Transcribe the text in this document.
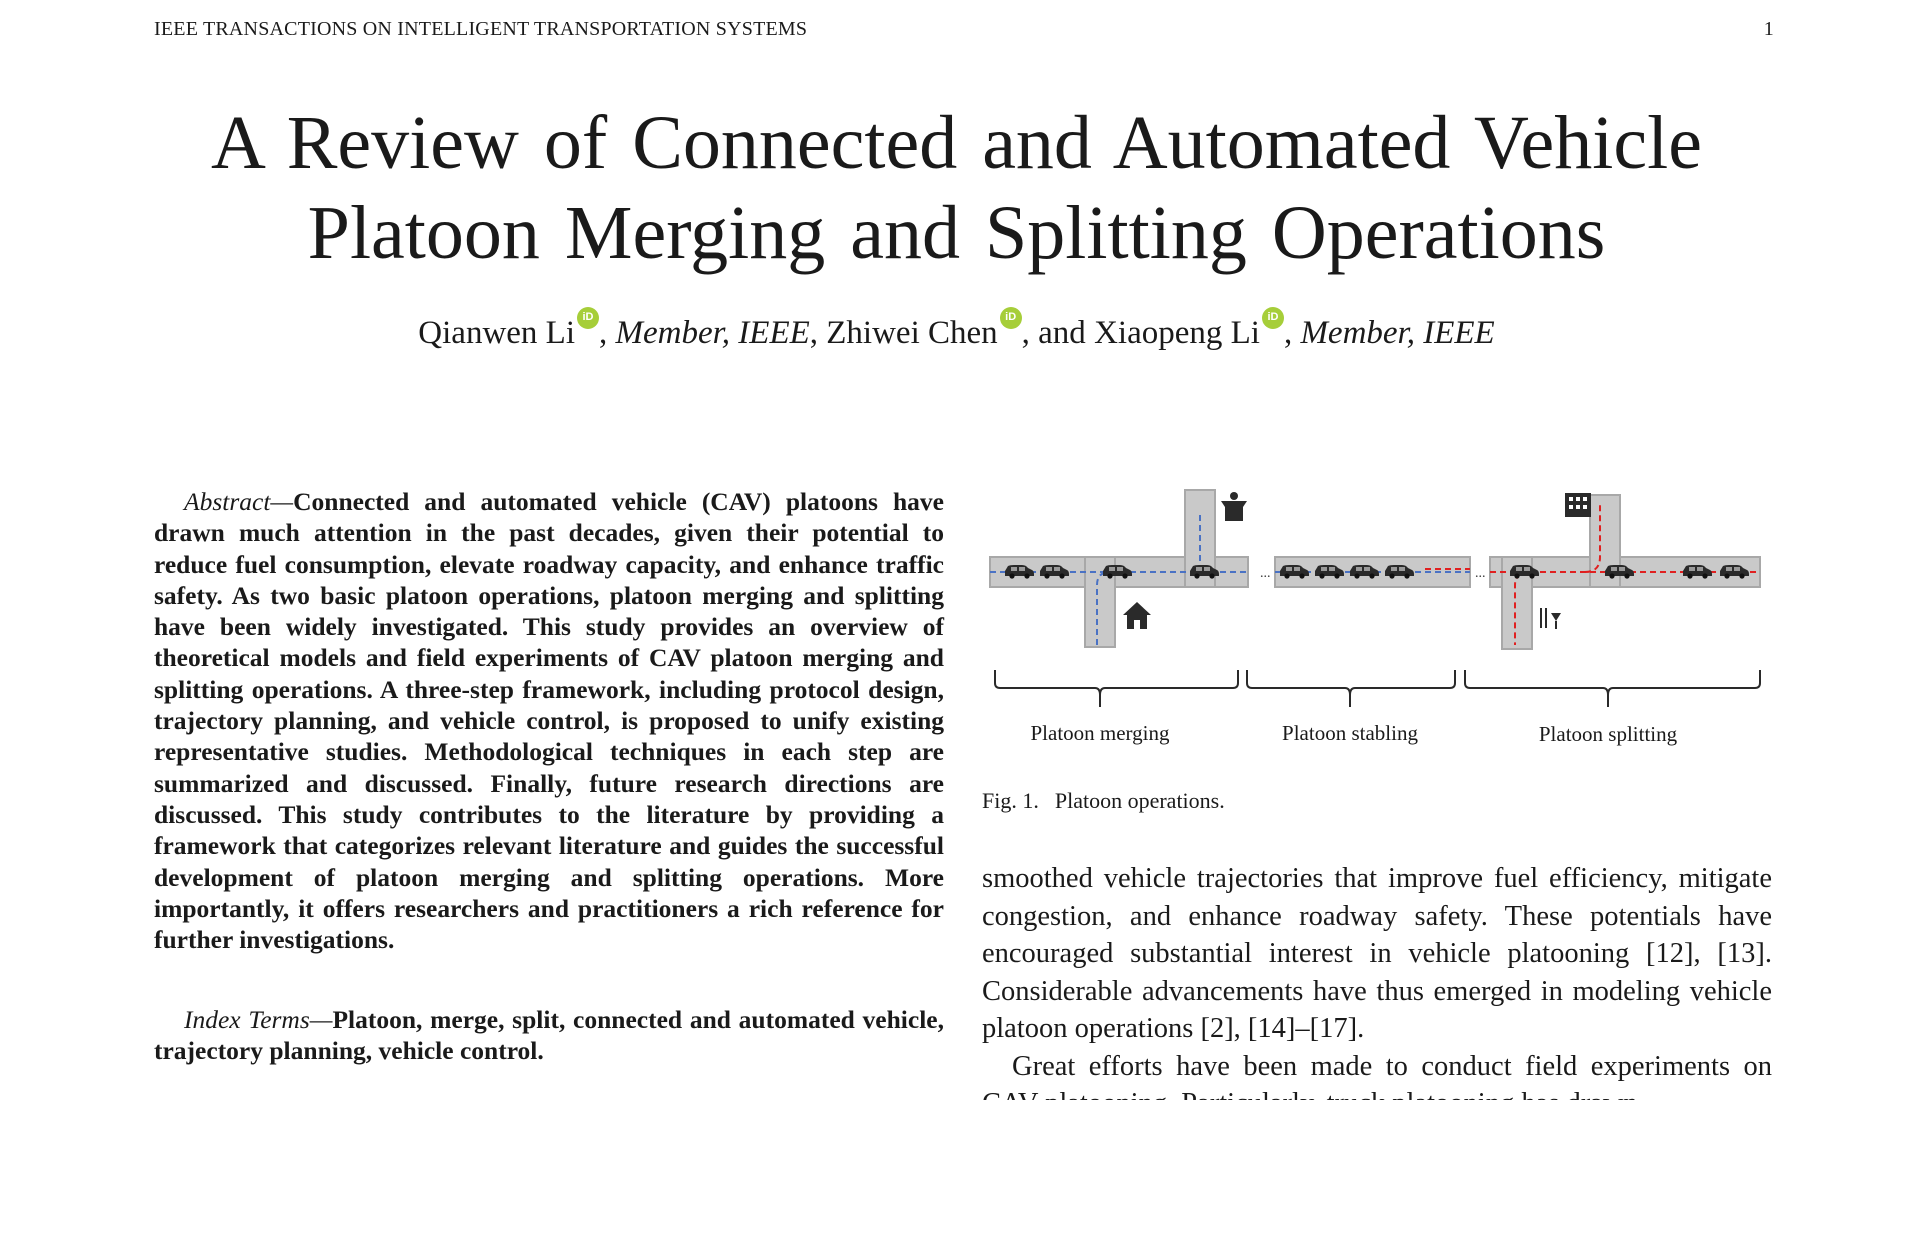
IEEE TRANSACTIONS ON INTELLIGENT TRANSPORTATION SYSTEMS	1
A Review of Connected and Automated Vehicle
Platoon Merging and Splitting Operations
Qianwen Li iD , Member, IEEE, Zhiwei Chen iD , and Xiaopeng Li iD , Member, IEEE

Abstract—Connected and automated vehicle (CAV) platoons have drawn much attention in the past decades, given their potential to reduce fuel consumption, elevate roadway capacity, and enhance traffic safety. As two basic platoon operations, platoon merging and splitting have been widely investigated. This study provides an overview of theoretical models and field experiments of CAV platoon merging and splitting operations. A three-step framework, including protocol design, trajectory planning, and vehicle control, is proposed to unify existing representative studies. Methodological techniques in each step are summarized and discussed. Finally, future research directions are discussed. This study contributes to the literature by providing a framework that categorizes relevant literature and guides the successful development of platoon merging and splitting operations. More importantly, it offers researchers and practitioners a rich reference for further investigations.

Index Terms—Platoon, merge, split, connected and automated vehicle, trajectory planning, vehicle control.

...	...
Platoon merging	Platoon stabling	Platoon splitting
Fig. 1. Platoon operations.

smoothed vehicle trajectories that improve fuel efficiency, mitigate congestion, and enhance roadway safety. These potentials have encouraged substantial interest in vehicle platooning [12], [13]. Considerable advancements have thus emerged in modeling vehicle platoon operations [2], [14]–[17].

Great efforts have been made to conduct field experiments on
